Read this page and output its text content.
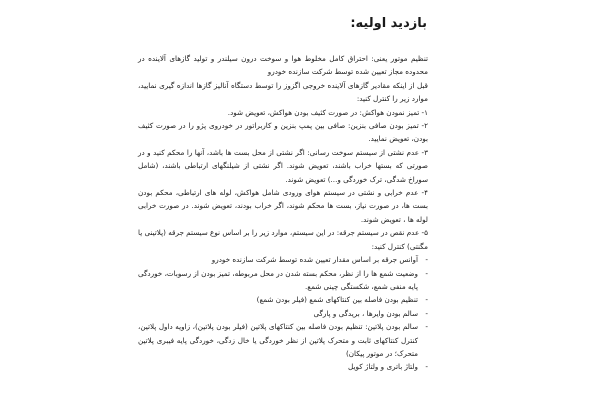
بازدید اولیه:

تنظیم موتور یعنی: احتراق کامل مخلوط هوا و سوخت درون سیلندر و تولید گازهای آلاینده در محدوده مجاز تعیین شده توسط شرکت سازنده خودرو

قبل از اینکه مقادیر گازهای آلاینده خروجی اگزوز را توسط دستگاه آنالیز گازها اندازه گیری نمایید، موارد زیر را کنترل کنید:

۱- تمیز نمودن هواکش: در صورت کثیف بودن هواکش، تعویض شود.

۲- تمیز بودن صافی بنزین: صافی بین پمپ بنزین و کاربراتور در خودروی پژو را در صورت کثیف بودن، تعویض نمایید.

۳- عدم نشتی از سیستم سوخت رسانی: اگر نشتی از محل بست ها باشد، آنها را محکم کنید و در صورتی که بستها خراب باشند، تعویض شوند. اگر نشتی از شیلنگهای ارتباطی باشند، (شامل سوراخ شدگی، ترک خوردگی و...) تعویض شوند.

۴- عدم خرابی و نشتی در سیستم هوای ورودی شامل هواکش، لوله های ارتباطی، محکم بودن بست ها، در صورت نیاز، بست ها محکم شوند، اگر خراب بودند، تعویض شوند. در صورت خرابی لوله ها ، تعویض شوند.

۵- عدم نقص در سیستم جرقه: در این سیستم، موارد زیر را بر اساس نوع سیستم جرقه (پلاتینی یا مگنتی) کنترل کنید:

- آوانس جرقه بر اساس مقدار تعیین شده توسط شرکت سازنده خودرو

- وضعیت شمع ها را از نظر، محکم بسته شدن در محل مربوطه، تمیز بودن از رسوبات، خوردگی پایه منفی شمع، شکستگی چینی شمع.

- تنظیم بودن فاصله بین کنتاکهای شمع (فیلر بودن شمع)

- سالم بودن وایرها ، بریدگی و پارگی

- سالم بودن پلاتین: تنظیم بودن فاصله بین کنتاکهای پلاتین (فیلر بودن پلاتین)، زاویه داول پلاتین، کنترل کنتاکهای ثابت و متحرک پلاتین از نظر خوردگی یا خال زدگی، خوردگی پایه فیبری پلاتین متحرک؛ در موتور پیکان)

- ولتاژ باتری و ولتاژ کویل
